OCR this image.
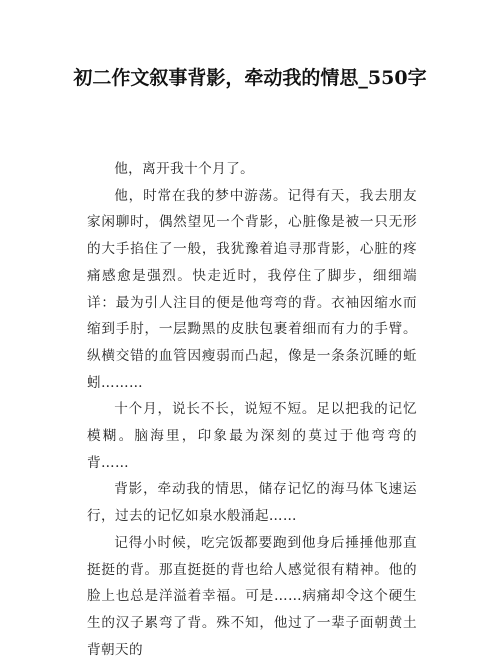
初二作文叙事背影，牵动我的情思_550字

他，离开我十个月了。

他，时常在我的梦中游荡。记得有天，我去朋友家闲聊时，偶然望见一个背影，心脏像是被一只无形的大手掐住了一般，我犹豫着追寻那背影，心脏的疼痛感愈是强烈。快走近时，我停住了脚步，细细端详：最为引人注目的便是他弯弯的背。衣袖因缩水而缩到手肘，一层黝黑的皮肤包裹着细而有力的手臂。纵横交错的血管因瘦弱而凸起，像是一条条沉睡的蚯蚓………

十个月，说长不长，说短不短。足以把我的记忆模糊。脑海里，印象最为深刻的莫过于他弯弯的背……

背影，牵动我的情思，储存记忆的海马体飞速运行，过去的记忆如泉水般涌起……

记得小时候，吃完饭都要跑到他身后捶捶他那直挺挺的背。那直挺挺的背也给人感觉很有精神。他的脸上也总是洋溢着幸福。可是……病痛却令这个硬生生的汉子累弯了背。殊不知，他过了一辈子面朝黄土背朝天的
